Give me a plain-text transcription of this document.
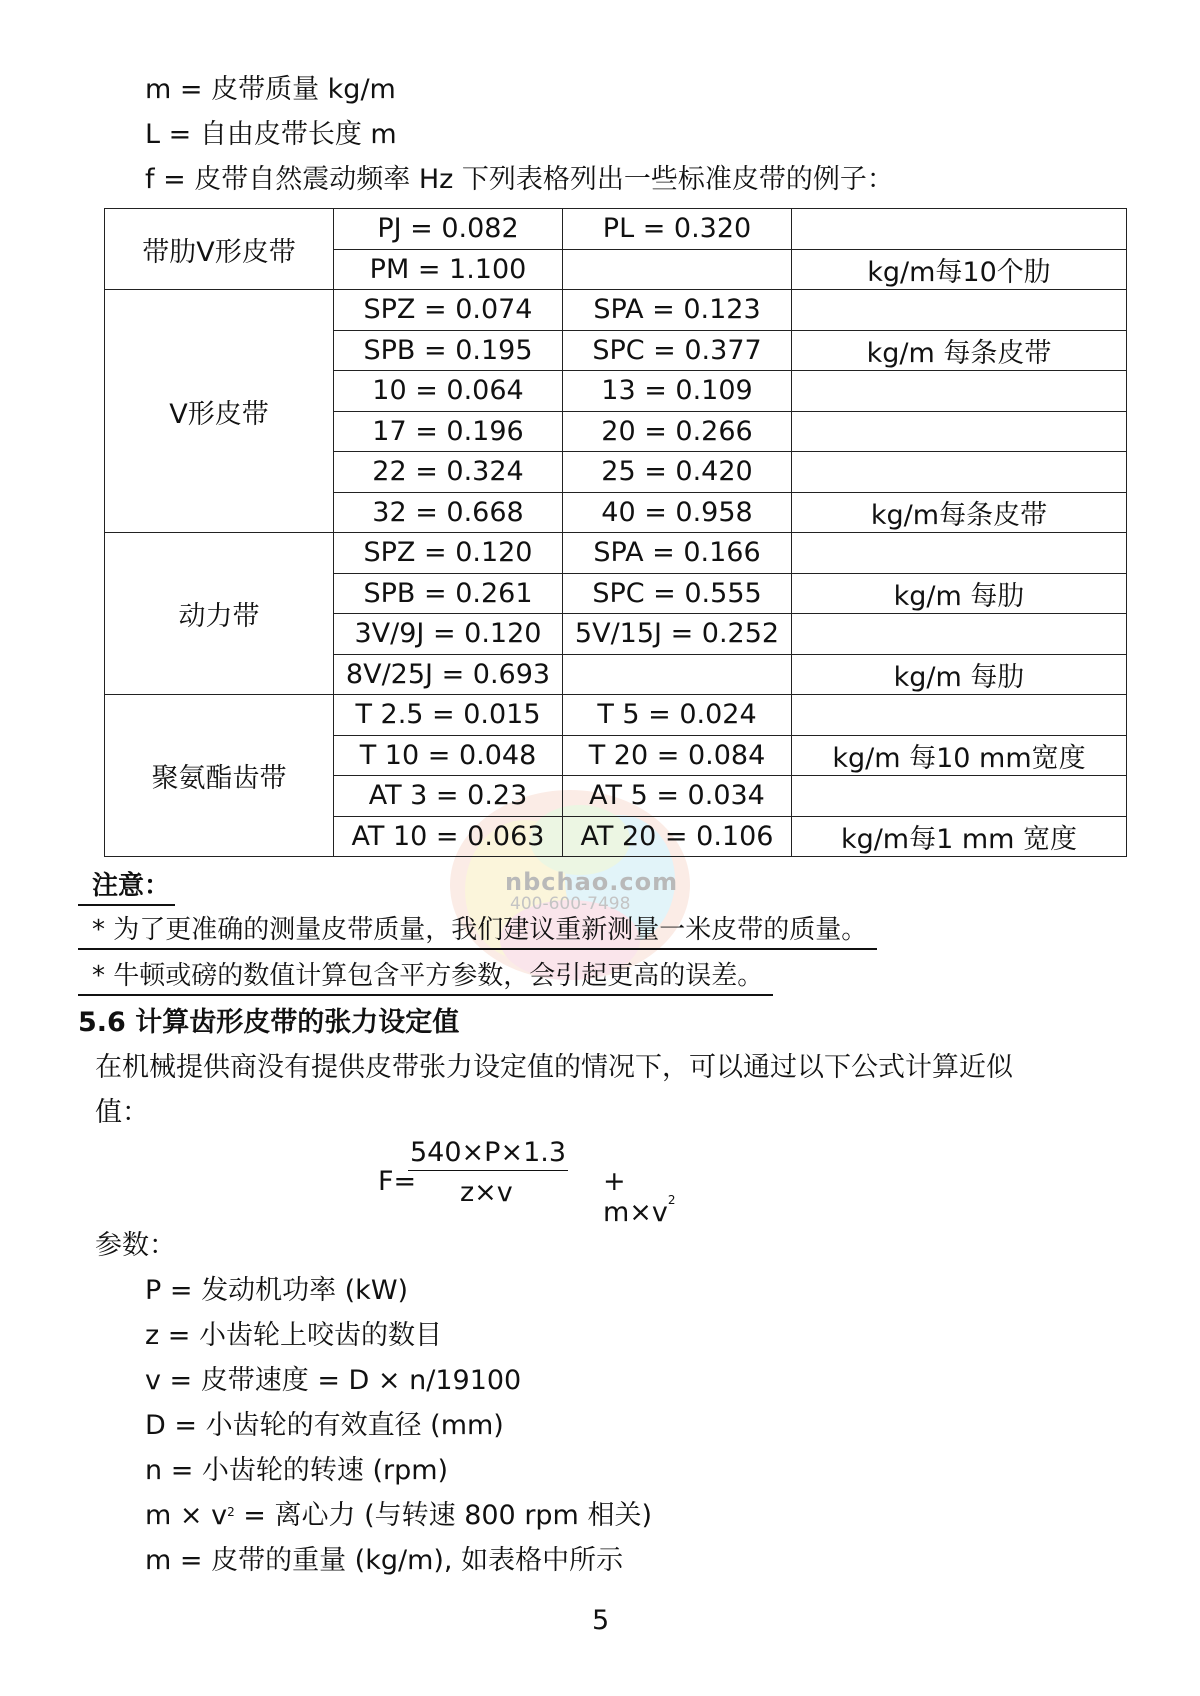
nbchao.com
400-600-7498
m = 皮带质量 kg/m
L = 自由皮带长度 m
f = 皮带自然震动频率 Hz 下列表格列出一些标准皮带的例子：
带肋V形皮带	PJ = 0.082	PL = 0.320	
	PM = 1.100		kg/m每10个肋
V形皮带	SPZ = 0.074	SPA = 0.123	
	SPB = 0.195	SPC = 0.377	kg/m 每条皮带
	10 = 0.064	13 = 0.109	
	17 = 0.196	20 = 0.266	
	22 = 0.324	25 = 0.420	
	32 = 0.668	40 = 0.958	kg/m每条皮带
动力带	SPZ = 0.120	SPA = 0.166	
	SPB = 0.261	SPC = 0.555	kg/m 每肋
	3V/9J = 0.120	5V/15J = 0.252	
	8V/25J = 0.693		kg/m 每肋
聚氨酯齿带	T 2.5 = 0.015	T 5 = 0.024	
	T 10 = 0.048	T 20 = 0.084	kg/m 每10 mm宽度
	AT 3 = 0.23	AT 5 = 0.034	
	AT 10 = 0.063	AT 20 = 0.106	kg/m每1 mm 宽度
注意：
* 为了更准确的测量皮带质量，我们建议重新测量一米皮带的质量。
* 牛顿或磅的数值计算包含平方参数，会引起更高的误差。
5.6 计算齿形皮带的张力设定值
在机械提供商没有提供皮带张力设定值的情况下，可以通过以下公式计算近似
值：
F=
540×P×1.3
z×v	+ $m\times v^2$
参数：
P = 发动机功率 (kW)
z = 小齿轮上咬齿的数目
v = 皮带速度 = D × n/19100
D = 小齿轮的有效直径 (mm)
n = 小齿轮的转速 (rpm)
$m \times v^2$ = 离心力 (与转速 800 rpm 相关)
m = 皮带的重量 (kg/m), 如表格中所示
5
